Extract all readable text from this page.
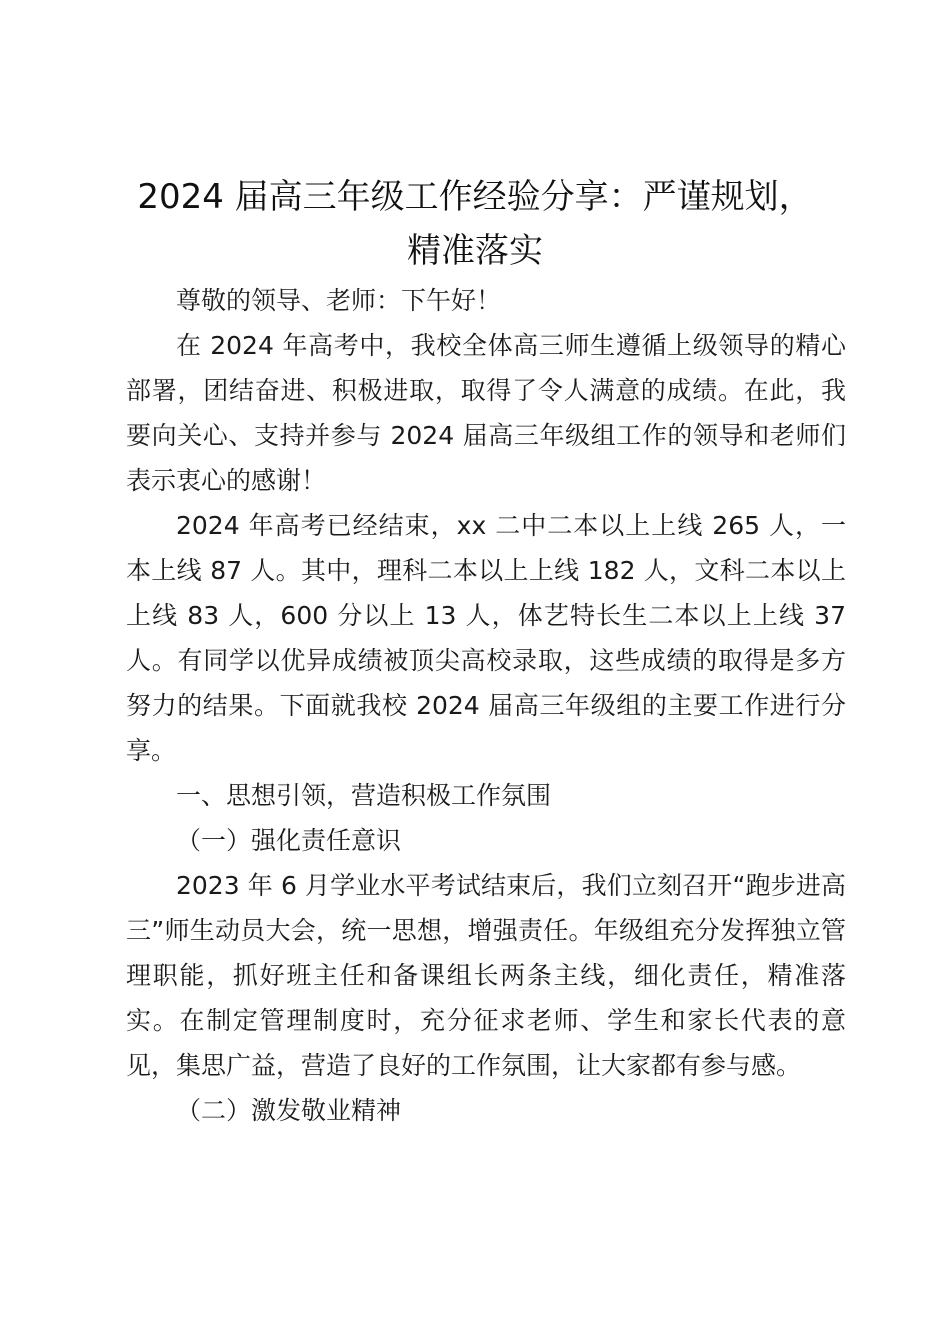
2024 届高三年级工作经验分享：严谨规划，
精准落实

尊敬的领导、老师：下午好！

在 2024 年高考中，我校全体高三师生遵循上级领导的精心部署，团结奋进、积极进取，取得了令人满意的成绩。在此，我要向关心、支持并参与 2024 届高三年级组工作的领导和老师们表示衷心的感谢！

2024 年高考已经结束，xx 二中二本以上上线 265 人，一本上线 87 人。其中，理科二本以上上线 182 人，文科二本以上上线 83 人，600 分以上 13 人，体艺特长生二本以上上线 37 人。有同学以优异成绩被顶尖高校录取，这些成绩的取得是多方努力的结果。下面就我校 2024 届高三年级组的主要工作进行分享。

一、思想引领，营造积极工作氛围

（一）强化责任意识

2023 年 6 月学业水平考试结束后，我们立刻召开“跑步进高三”师生动员大会，统一思想，增强责任。年级组充分发挥独立管理职能，抓好班主任和备课组长两条主线，细化责任，精准落实。在制定管理制度时，充分征求老师、学生和家长代表的意见，集思广益，营造了良好的工作氛围，让大家都有参与感。

（二）激发敬业精神
